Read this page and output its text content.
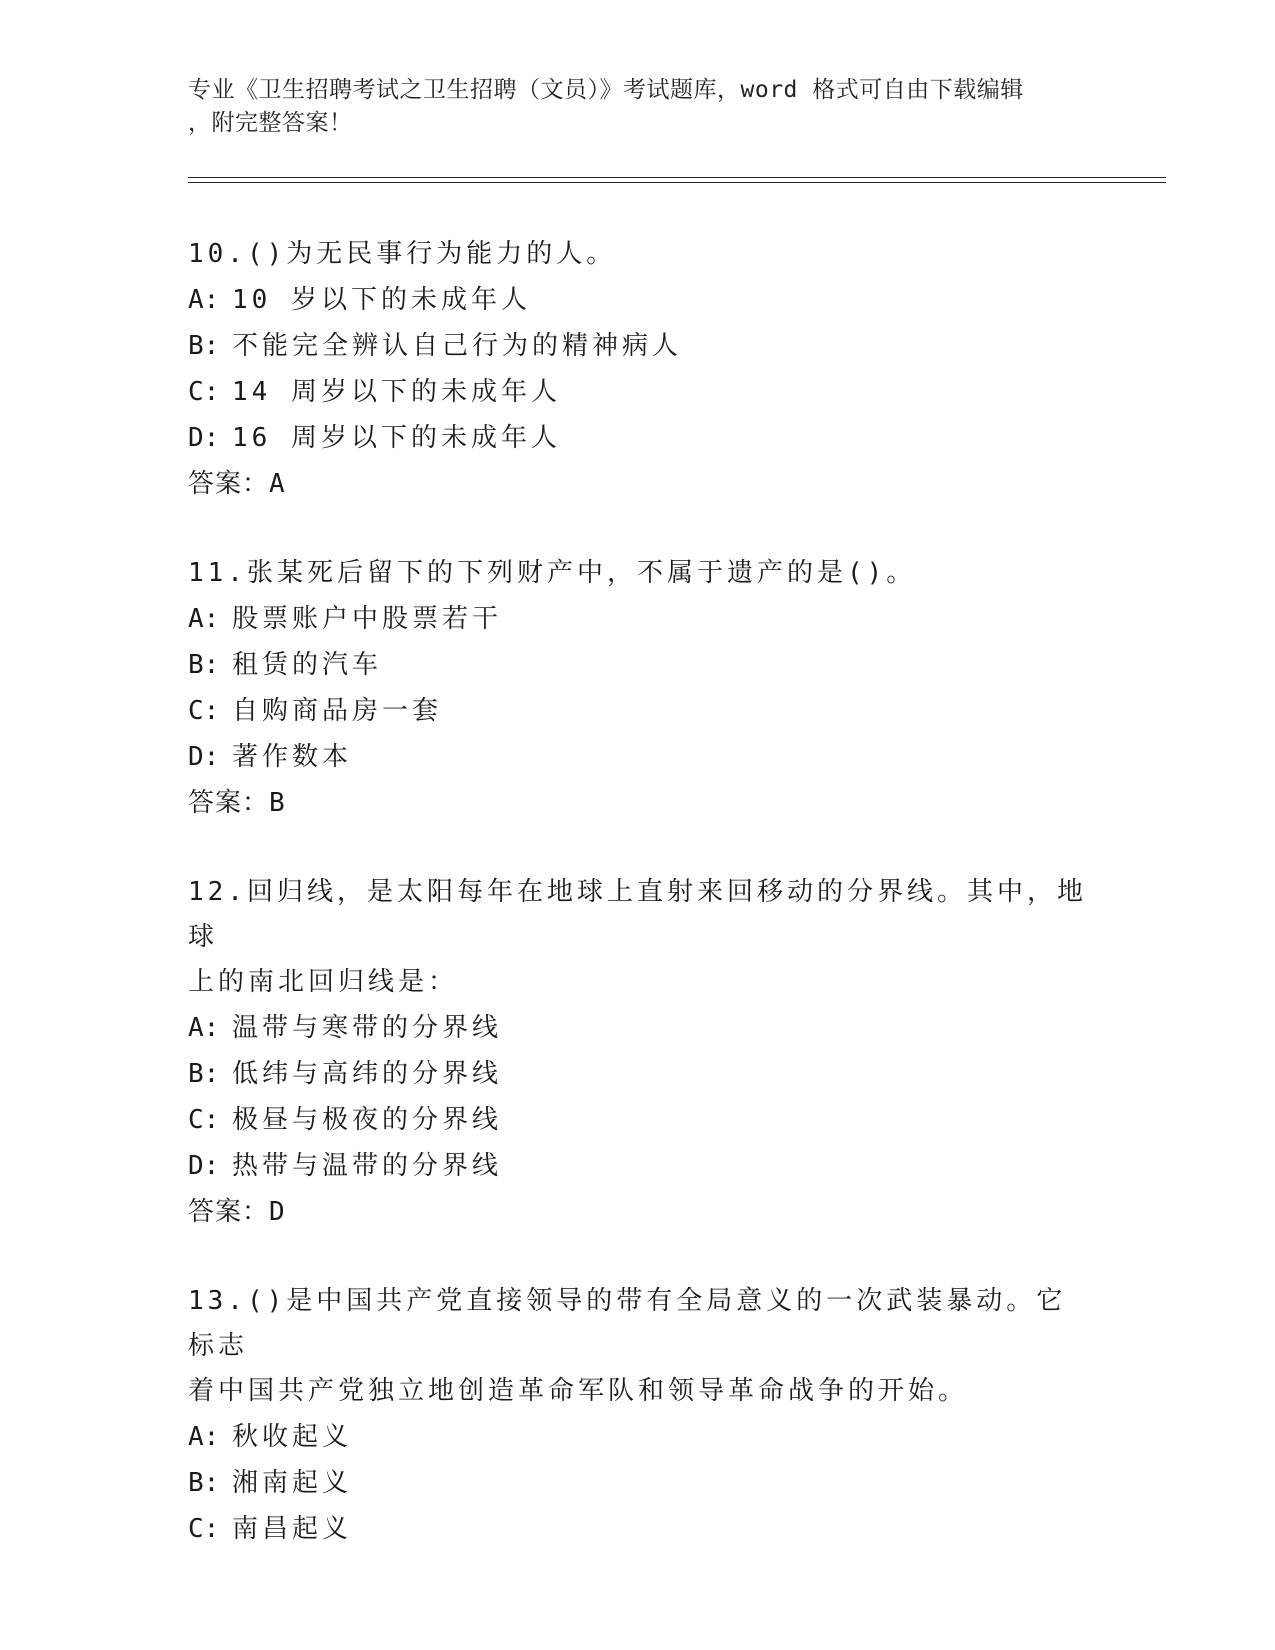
专业《卫生招聘考试之卫生招聘（文员）》考试题库，word 格式可自由下载编辑
，附完整答案！
10.()为无民事行为能力的人。
A: 10 岁以下的未成年人
B: 不能完全辨认自己行为的精神病人
C: 14 周岁以下的未成年人
D: 16 周岁以下的未成年人
答案：A
11.张某死后留下的下列财产中，不属于遗产的是()。
A: 股票账户中股票若干
B: 租赁的汽车
C: 自购商品房一套
D: 著作数本
答案：B
12.回归线，是太阳每年在地球上直射来回移动的分界线。其中，地球
上的南北回归线是：
A: 温带与寒带的分界线
B: 低纬与高纬的分界线
C: 极昼与极夜的分界线
D: 热带与温带的分界线
答案：D
13.()是中国共产党直接领导的带有全局意义的一次武装暴动。它标志
着中国共产党独立地创造革命军队和领导革命战争的开始。
A: 秋收起义
B: 湘南起义
C: 南昌起义
